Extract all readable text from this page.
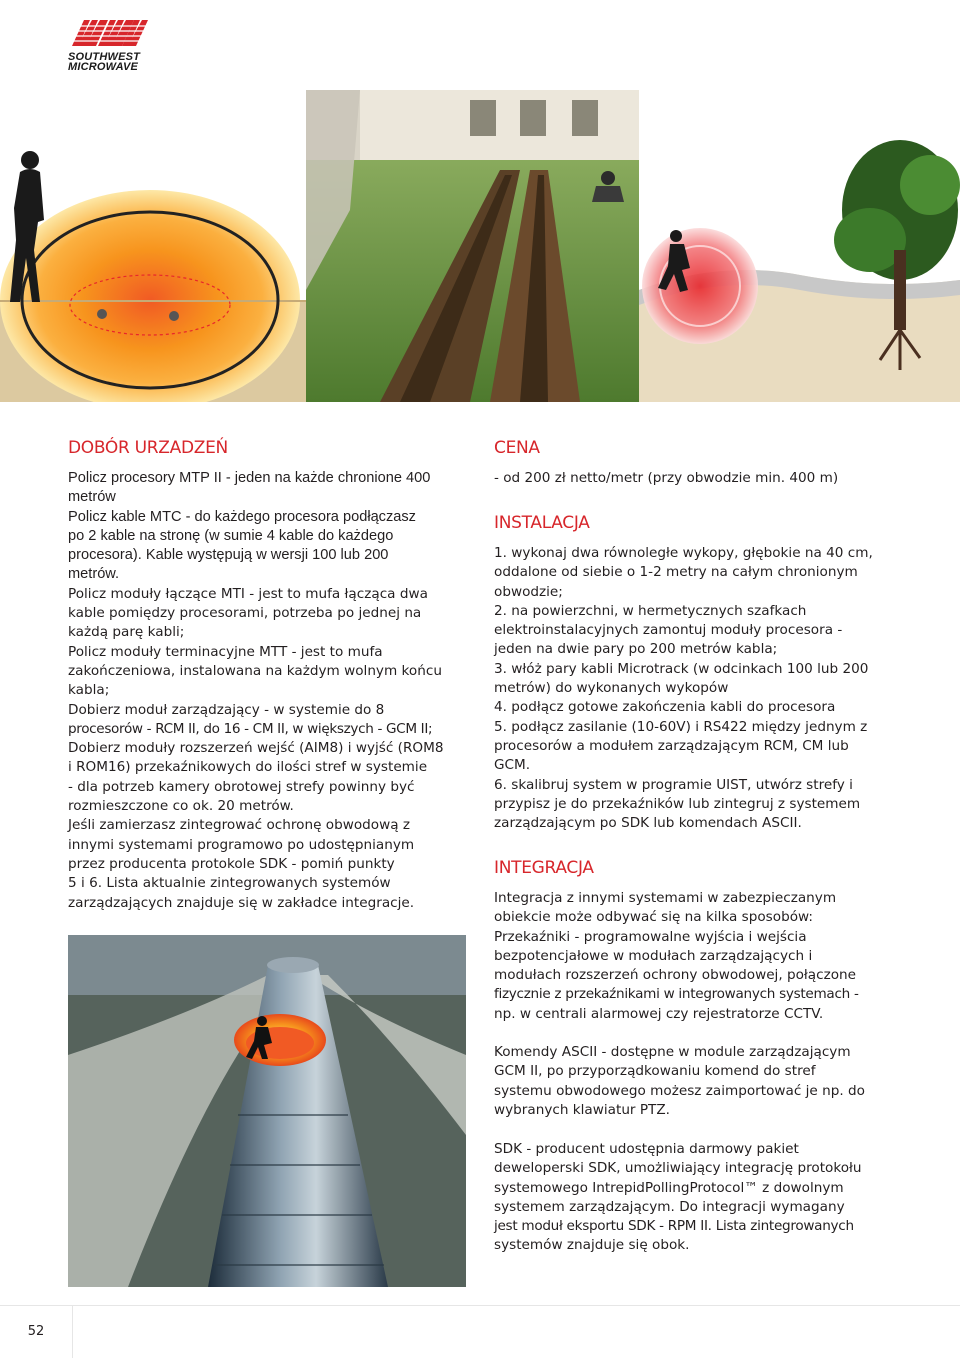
SOUTHWEST
MICROWAVE
DOBÓR URZADZEŃ
Policz procesory MTP II - jeden na każde chronione 400
metrów
Policz kable MTC - do każdego procesora podłączasz
po 2 kable na stronę (w sumie 4 kable do każdego
procesora). Kable występują w wersji 100 lub 200
metrów.
Policz moduły łączące MTI - jest to mufa łącząca dwa
kable pomiędzy procesorami, potrzeba po jednej na
każdą parę kabli;
Policz moduły terminacyjne MTT - jest to mufa
zakończeniowa, instalowana na każdym wolnym końcu
kabla;
Dobierz moduł zarządzający - w systemie do 8
procesorów - RCM II, do 16 - CM II, w większych - GCM II;
Dobierz moduły rozszerzeń wejść (AIM8) i wyjść (ROM8
i ROM16) przekaźnikowych do ilości stref w systemie
- dla potrzeb kamery obrotowej strefy powinny być
rozmieszczone co ok. 20 metrów.
Jeśli zamierzasz zintegrować ochronę obwodową z
innymi systemami programowo po udostępnianym
przez producenta protokole SDK - pomiń punkty
5 i 6. Lista aktualnie zintegrowanych systemów
zarządzających znajduje się w zakładce integracje.
CENA
- od 200 zł netto/metr (przy obwodzie min. 400 m)
INSTALACJA
1. wykonaj dwa równoległe wykopy, głębokie na 40 cm,
oddalone od siebie o 1-2 metry na całym chronionym
obwodzie;
2. na powierzchni, w hermetycznych szafkach
elektroinstalacyjnych zamontuj moduły procesora -
jeden na dwie pary po 200 metrów kabla;
3. włóż pary kabli Microtrack (w odcinkach 100 lub 200
metrów) do wykonanych wykopów
4. podłącz gotowe zakończenia kabli do procesora
5. podłącz zasilanie (10-60V) i RS422 między jednym z
procesorów a modułem zarządzającym RCM, CM lub
GCM.
6. skalibruj system w programie UIST, utwórz strefy i
przypisz je do przekaźników lub zintegruj z systemem
zarządzającym po SDK lub komendach ASCII.
INTEGRACJA
Integracja z innymi systemami w zabezpieczanym
obiekcie może odbywać się na kilka sposobów:
Przekaźniki - programowalne wyjścia i wejścia
bezpotencjałowe w modułach zarządzających i
modułach rozszerzeń ochrony obwodowej, połączone
fizycznie z przekaźnikami w integrowanych systemach -
np. w centrali alarmowej czy rejestratorze CCTV.
Komendy ASCII - dostępne w module zarządzającym
GCM II, po przyporządkowaniu komend do stref
systemu obwodowego możesz zaimportować je np. do
wybranych klawiatur PTZ.
SDK - producent udostępnia darmowy pakiet
deweloperski SDK, umożliwiający integrację protokołu
systemowego IntrepidPollingProtocol™ z dowolnym
systemem zarządzającym. Do integracji wymagany
jest moduł eksportu SDK - RPM II. Lista zintegrowanych
systemów znajduje się obok.
52
